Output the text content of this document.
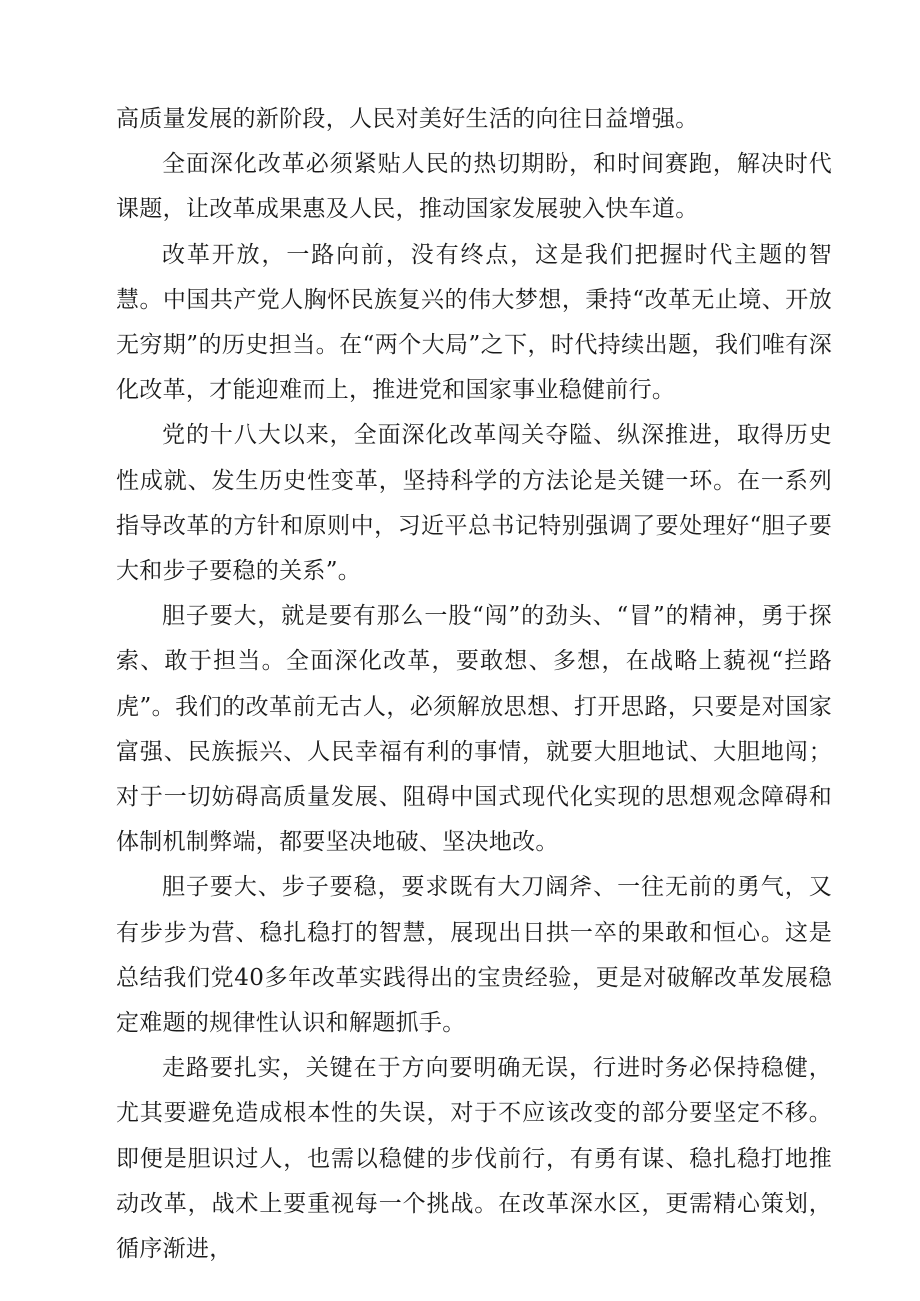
高质量发展的新阶段，人民对美好生活的向往日益增强。

全面深化改革必须紧贴人民的热切期盼，和时间赛跑，解决时代课题，让改革成果惠及人民，推动国家发展驶入快车道。

改革开放，一路向前，没有终点，这是我们把握时代主题的智慧。中国共产党人胸怀民族复兴的伟大梦想，秉持“改革无止境、开放无穷期”的历史担当。在“两个大局”之下，时代持续出题，我们唯有深化改革，才能迎难而上，推进党和国家事业稳健前行。

党的十八大以来，全面深化改革闯关夺隘、纵深推进，取得历史性成就、发生历史性变革，坚持科学的方法论是关键一环。在一系列指导改革的方针和原则中，习近平总书记特别强调了要处理好“胆子要大和步子要稳的关系”。

胆子要大，就是要有那么一股“闯”的劲头、“冒”的精神，勇于探索、敢于担当。全面深化改革，要敢想、多想，在战略上藐视“拦路虎”。我们的改革前无古人，必须解放思想、打开思路，只要是对国家富强、民族振兴、人民幸福有利的事情，就要大胆地试、大胆地闯；对于一切妨碍高质量发展、阻碍中国式现代化实现的思想观念障碍和体制机制弊端，都要坚决地破、坚决地改。

胆子要大、步子要稳，要求既有大刀阔斧、一往无前的勇气，又有步步为营、稳扎稳打的智慧，展现出日拱一卒的果敢和恒心。这是总结我们党40多年改革实践得出的宝贵经验，更是对破解改革发展稳定难题的规律性认识和解题抓手。

走路要扎实，关键在于方向要明确无误，行进时务必保持稳健，尤其要避免造成根本性的失误，对于不应该改变的部分要坚定不移。即便是胆识过人，也需以稳健的步伐前行，有勇有谋、稳扎稳打地推动改革，战术上要重视每一个挑战。在改革深水区，更需精心策划，循序渐进，
